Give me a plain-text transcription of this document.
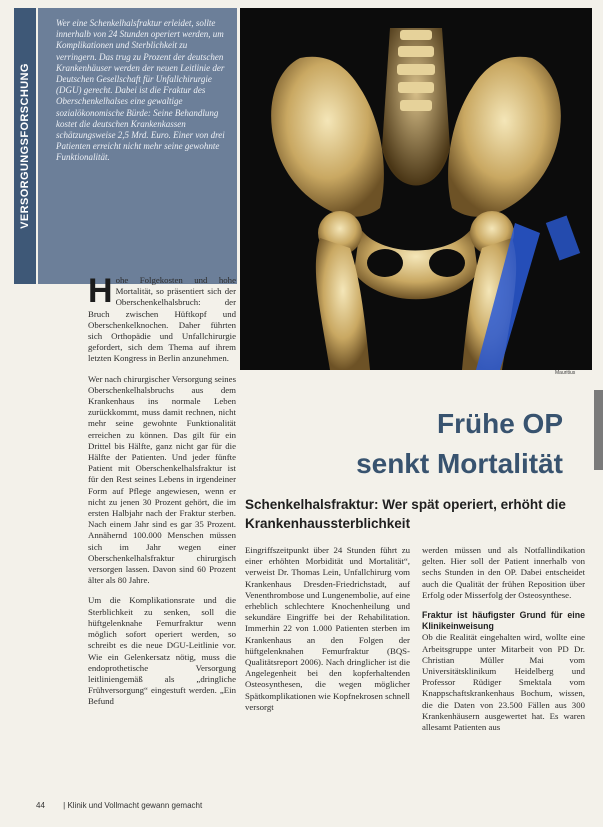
VERSORGUNGSFORSCHUNG
Wer eine Schenkelhalsfraktur erleidet, sollte innerhalb von 24 Stunden operiert werden, um Komplikationen und Sterblichkeit zu verringern. Das trug zu Prozent der deutschen Krankenhäuser werden der neuen Leitlinie der Deutschen Gesellschaft für Unfallchirurgie (DGU) gerecht. Dabei ist die Fraktur des Oberschenkelhalses eine gewaltige sozialökonomische Bürde: Seine Behandlung kostet die deutschen Krankenkassen schätzungsweise 2,5 Mrd. Euro. Einer von drei Patienten erreicht nicht mehr seine gewohnte Funktionalität.
Mauritius
Frühe OP
senkt Mortalität
Schenkelhalsfraktur: Wer spät operiert, erhöht die Krankenhaussterblichkeit

Hohe Folgekosten und hohe Mortalität, so präsentiert sich der Oberschenkelhalsbruch: der Bruch zwischen Hüftkopf und Oberschenkelknochen. Daher führten sich Orthopädie und Unfallchirurgie gefordert, sich dem Thema auf ihrem letzten Kongress in Berlin anzunehmen.

Wer nach chirurgischer Versorgung seines Oberschenkelhalsbruchs aus dem Krankenhaus ins normale Leben zurückkommt, muss damit rechnen, nicht mehr seine gewohnte Funktionalität erreichen zu können. Das gilt für ein Drittel bis Hälfte, ganz nicht gar für die Hälfte der Patienten. Und jeder fünfte Patient mit Oberschenkelhalsfraktur ist für den Rest seines Lebens in irgendeiner Form auf Pflege angewiesen, wenn er nicht zu jenen 30 Prozent gehört, die im ersten Halbjahr nach der Fraktur sterben. Nach einem Jahr sind es gar 35 Prozent. Annähernd 100.000 Menschen müssen sich im Jahr wegen einer Oberschenkelhalsfraktur chirurgisch versorgen lassen. Davon sind 60 Prozent älter als 80 Jahre.

Um die Komplikationsrate und die Sterblichkeit zu senken, soll die hüftgelenknahe Femurfraktur wenn möglich sofort operiert werden, so schreibt es die neue DGU-Leitlinie vor. Wie ein Gelenkersatz nötig, muss die endoprothetische Versorgung leitliniengemäß als „dringliche Frühversorgung“ eingestuft werden. „Ein Befund

Eingriffszeitpunkt über 24 Stunden führt zu einer erhöhten Morbidität und Mortalität“, verweist Dr. Thomas Lein, Unfallchirurg vom Krankenhaus Dresden-Friedrichstadt, auf Venenthrombose und Lungenembolie, auf eine erheblich schlechtere Knochenheilung und sekundäre Eingriffe bei der Rehabilitation. Immerhin 22 von 1.000 Patienten sterben im Krankenhaus an den Folgen der hüftgelenknahen Femurfraktur (BQS-Qualitätsreport 2006). Nach dringlicher ist die Angelegenheit bei den kopferhaltenden Osteosynthesen, die wegen möglicher Spätkomplikationen wie Kopfnekrosen schnell versorgt

werden müssen und als Notfallindikation gelten. Hier soll der Patient innerhalb von sechs Stunden in den OP. Dabei entscheidet auch die Qualität der frühen Reposition über Erfolg oder Misserfolg der Osteosynthese.

Fraktur ist häufigster Grund für eine Klinikeinweisung

Ob die Realität eingehalten wird, wollte eine Arbeitsgruppe unter Mitarbeit von PD Dr. Christian Müller Mai vom Universitätsklinikum Heidelberg und Professor Rüdiger Smektala vom Knappschaftskrankenhaus Bochum, wissen, die die Daten von 23.500 Fällen aus 300 Krankenhäusern ausgewertet hat. Es waren allesamt Patienten aus

44 | Klinik und Vollmacht gewann gemacht
